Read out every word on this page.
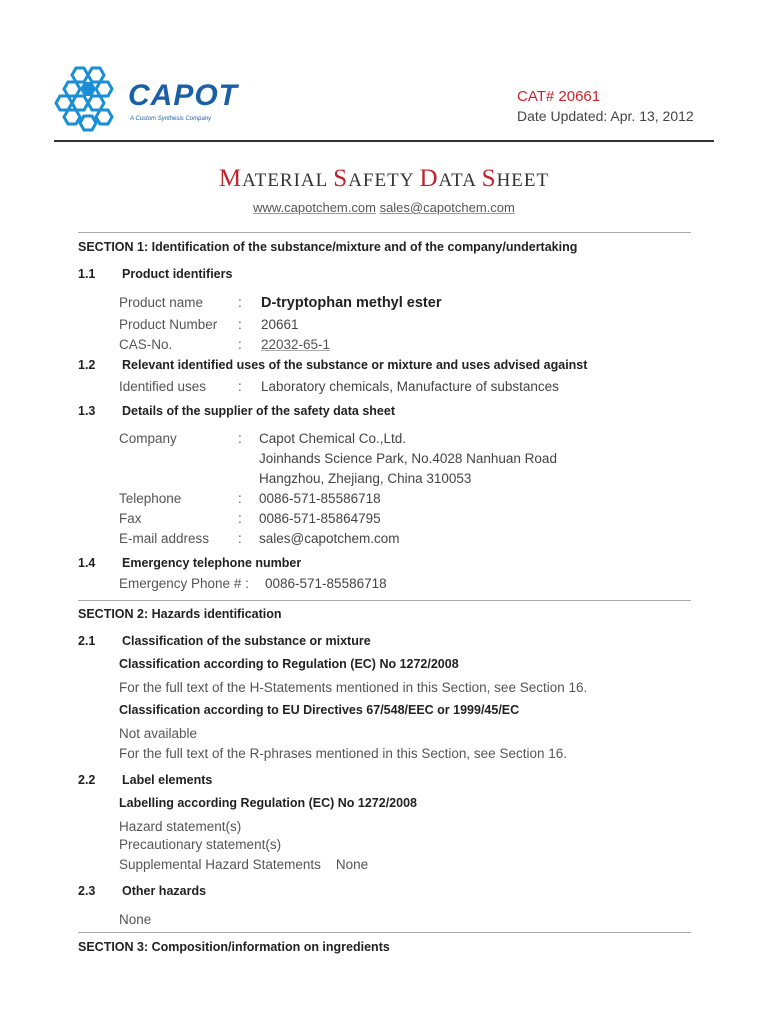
CAPOT
A Custom Synthesis Company
CAT# 20661
Date Updated: Apr. 13, 2012
MATERIAL SAFETY DATA SHEET
www.capotchem.com sales@capotchem.com
SECTION 1: Identification of the substance/mixture and of the company/undertaking
1.1 Product identifiers
Product name	: D-tryptophan methyl ester
Product Number : 20661
CAS-No.	: 22032-65-1
1.2 Relevant identified uses of the substance or mixture and uses advised against
Identified uses : Laboratory chemicals, Manufacture of substances
1.3 Details of the supplier of the safety data sheet
Company	: Capot Chemical Co.,Ltd.
Joinhands Science Park, No.4028 Nanhuan Road
Hangzhou, Zhejiang, China 310053
Telephone	: 0086-571-85586718
Fax	: 0086-571-85864795
E-mail address : sales@capotchem.com
1.4 Emergency telephone number
Emergency Phone # : 0086-571-85586718
SECTION 2: Hazards identification
2.1 Classification of the substance or mixture
Classification according to Regulation (EC) No 1272/2008
For the full text of the H-Statements mentioned in this Section, see Section 16.
Classification according to EU Directives 67/548/EEC or 1999/45/EC
Not available
For the full text of the R-phrases mentioned in this Section, see Section 16.
2.2 Label elements
Labelling according Regulation (EC) No 1272/2008
Hazard statement(s)
Precautionary statement(s)
Supplemental Hazard Statements    None
2.3 Other hazards
None
SECTION 3: Composition/information on ingredients
